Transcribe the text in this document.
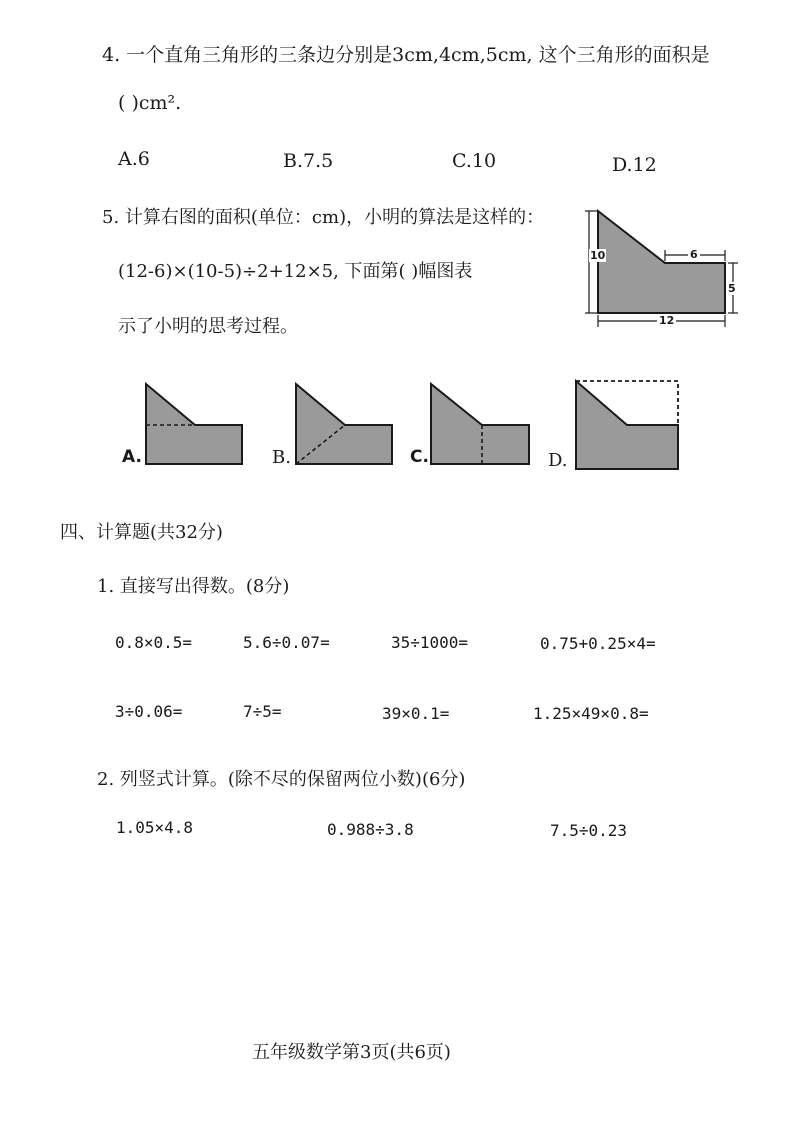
4. 一个直角三角形的三条边分别是3cm,4cm,5cm, 这个三角形的面积是
( )cm².
A.6	B.7.5	C.10	D.12
5. 计算右图的面积(单位：cm)，小明的算法是这样的：
(12-6)×(10-5)÷2+12×5, 下面第( )幅图表
示了小明的思考过程。
10	6
5
12
A.	B.	C.	D.
四、计算题(共32分)
1. 直接写出得数。(8分)
0.8×0.5=	5.6÷0.07=	35÷1000=	0.75+0.25×4=
3÷0.06=	7÷5=	39×0.1=	1.25×49×0.8=
2. 列竖式计算。(除不尽的保留两位小数)(6分)
1.05×4.8	0.988÷3.8	7.5÷0.23
五年级数学第3页(共6页)
